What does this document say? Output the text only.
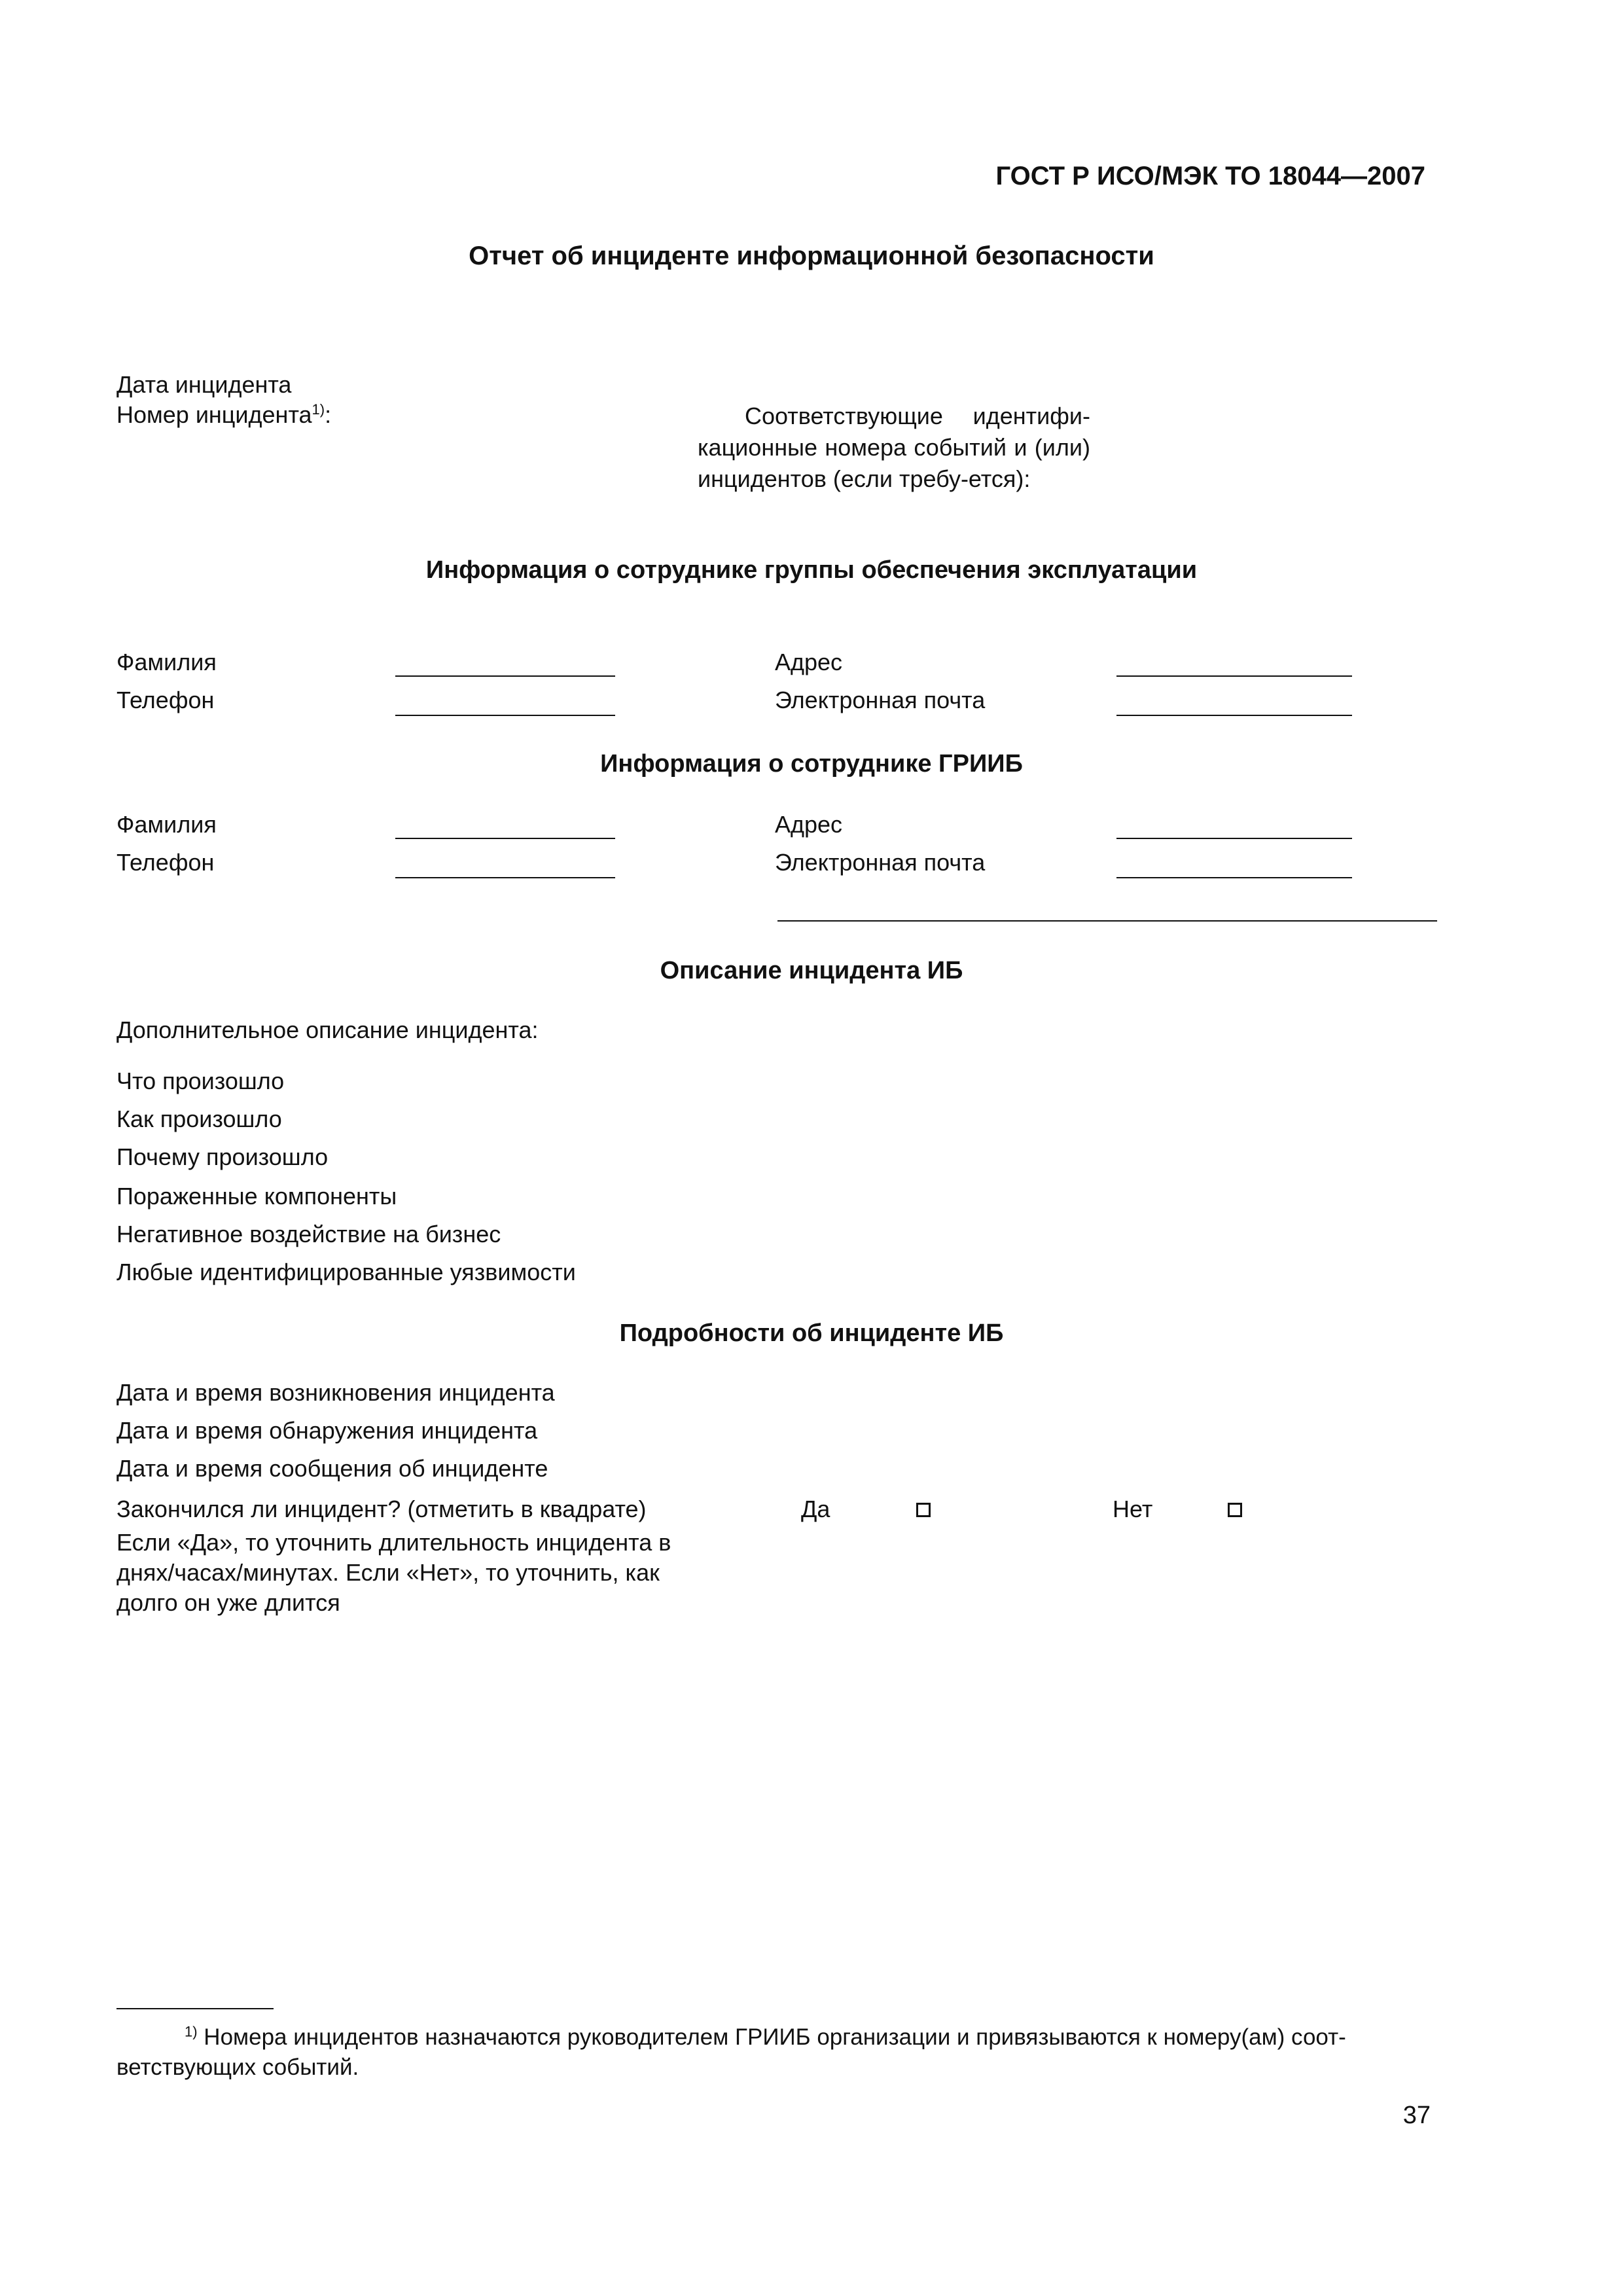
ГОСТ Р ИСО/МЭК ТО 18044—2007
Отчет об инциденте информационной безопасности
Дата инцидента
Номер инцидента$^{1)}$:	Соответствующие идентифи-кационные номера событий и (или) инцидентов (если требу-ется):
Информация о сотруднике группы обеспечения эксплуатации
Фамилия	Адрес
Телефон	Электронная почта
Информация о сотруднике ГРИИБ
Фамилия	Адрес
Телефон	Электронная почта
Описание инцидента ИБ
Дополнительное описание инцидента:
Что произошло
Как произошло
Почему произошло
Пораженные компоненты
Негативное воздействие на бизнес
Любые идентифицированные уязвимости
Подробности об инциденте ИБ
Дата и время возникновения инцидента
Дата и время обнаружения инцидента
Дата и время сообщения об инциденте
Закончился ли инцидент? (отметить в квадрате)	Да	Нет
Если «Да», то уточнить длительность инцидента в днях/часах/минутах. Если «Нет», то уточнить, как долго он уже длится
$^{1)}$ Номера инцидентов назначаются руководителем ГРИИБ организации и привязываются к номеру(ам) соот-ветствующих событий.
37
